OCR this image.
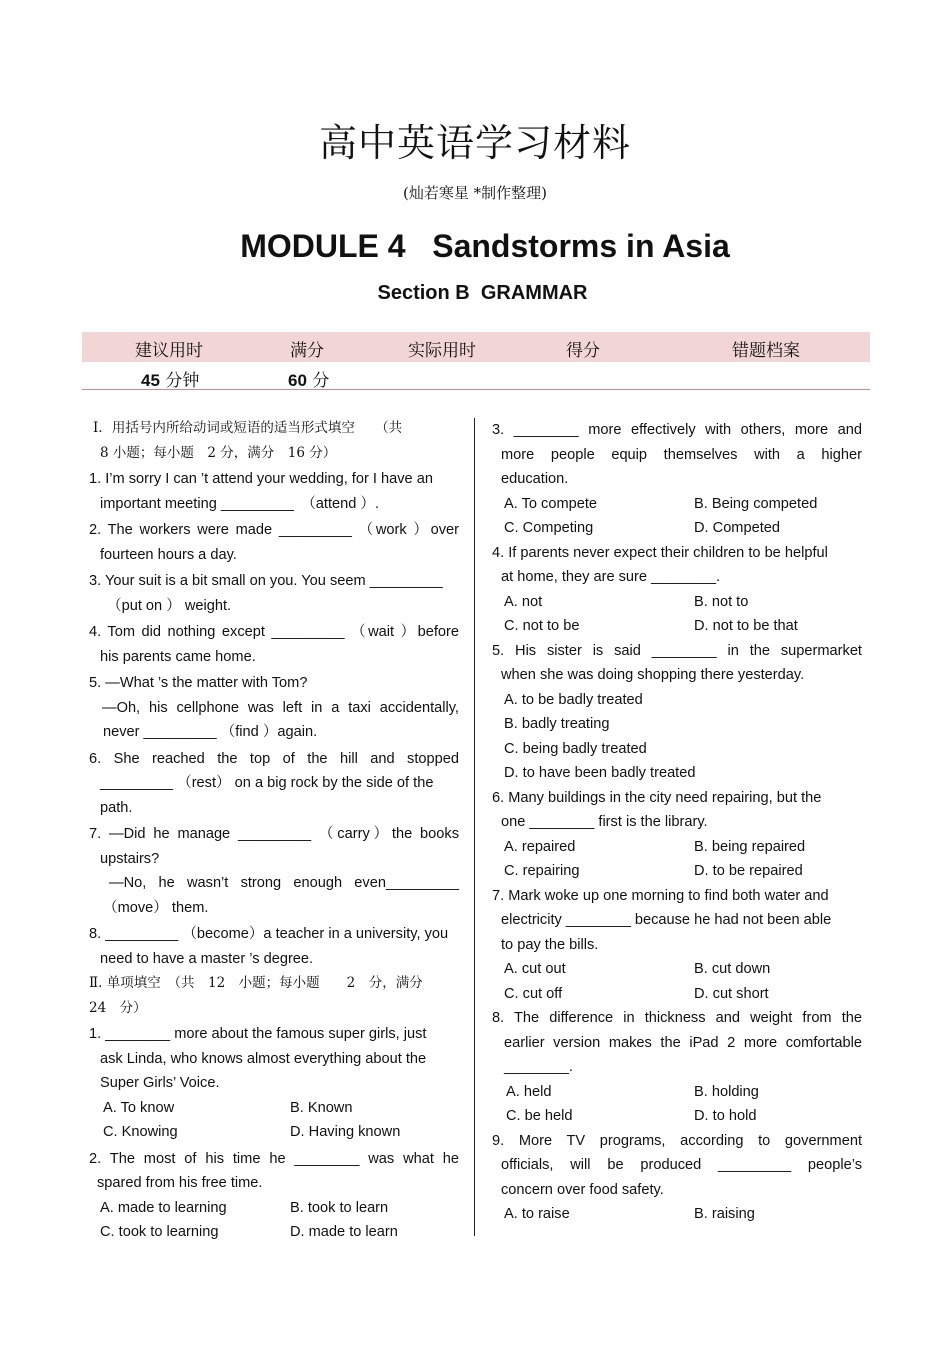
高中英语学习材料
(灿若寒星 *制作整理)
MODULE 4   Sandstorms in Asia
Section B  GRAMMAR
建议用时	满分	实际用时	得分	错题档案
45 分钟	60 分
Ⅰ．用括号内所给动词或短语的适当形式填空　　（共
8 小题；每小题　2 分，满分　16 分）
1. I’m sorry I can ’t attend your wedding, for I have an
important meeting _________　（attend ）.
2. The workers were made _________ （work ）over
fourteen hours a day.
3. Your suit is a bit small on you. You seem _________
（put on ） weight.
4. Tom did nothing except _________ （wait ）before
his parents came home.
5. —What ’s the matter with Tom?
—Oh, his cellphone was left in a taxi accidentally,
never _________ （find ）again.
6. She reached the top of the hill and stopped
_________ （rest） on a big rock by the side of the
path.
7. —Did he manage _________ （carry）the books
upstairs?
—No, he wasn’t strong enough even_________
（move） them.
8. _________ （become）a teacher in a university, you
need to have a master ’s degree.
Ⅱ. 单项填空　（共　12　小题；每小题　　2　分，满分
24　分）
1. ________ more about the famous super girls, just
ask Linda, who knows almost everything about the
Super Girls’ Voice.
A. To know	B. Known
C. Knowing	D. Having known
2. The most of his time he ________ was what he
spared from his free time.
A. made to learning	B. took to learn
C. took to learning	D. made to learn
3. ________ more effectively with others, more and
more people equip themselves with a higher
education.
A. To compete	B. Being competed
C. Competing	D. Competed
4. If parents never expect their children to be helpful
at home, they are sure ________.
A. not	B. not to
C. not to be	D. not to be that
5. His sister is said ________ in the supermarket
when she was doing shopping there yesterday.
A. to be badly treated
B. badly treating
C. being badly treated
D. to have been badly treated
6. Many buildings in the city need repairing, but the
one ________ first is the library.
A. repaired	B. being repaired
C. repairing	D. to be repaired
7. Mark woke up one morning to find both water and
electricity ________ because he had not been able
to pay the bills.
A. cut out	B. cut down
C. cut off	D. cut short
8. The difference in thickness and weight from the
earlier version makes the iPad 2 more comfortable
________.
A. held	B. holding
C. be held	D. to hold
9. More TV programs, according to government
officials, will be produced _________ people’s
concern over food safety.
A. to raise	B. raising
